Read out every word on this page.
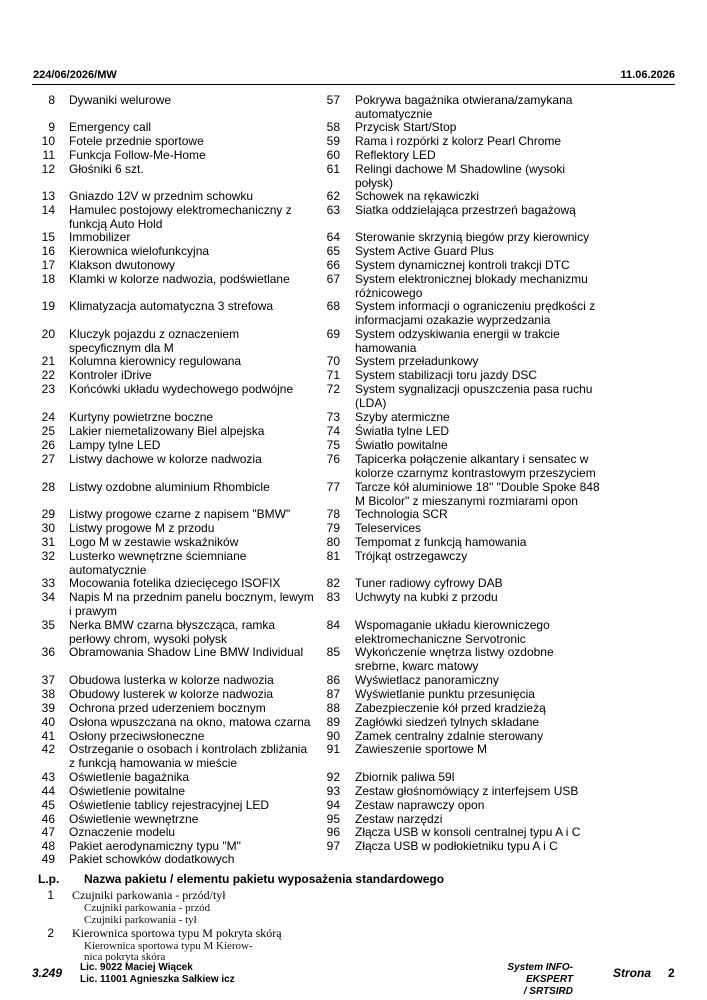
224/06/2026/MW	11.06.2026
8 Dywaniki welurowe
9 Emergency call
10 Fotele przednie sportowe
11 Funkcja Follow-Me-Home
12 Głośniki 6 szt.
13 Gniazdo 12V w przednim schowku
14 Hamulec postojowy elektromechaniczny z
funkcją Auto Hold
15 Immobilizer
16 Kierownica wielofunkcyjna
17 Klakson dwutonowy
18 Klamki w kolorze nadwozia, podświetlane
19 Klimatyzacja automatyczna 3 strefowa
20 Kluczyk pojazdu z oznaczeniem
specyficznym dla M
21 Kolumna kierownicy regulowana
22 Kontroler iDrive
23 Końcówki układu wydechowego podwójne
24 Kurtyny powietrzne boczne
25 Lakier niemetalizowany Biel alpejska
26 Lampy tylne LED
27 Listwy dachowe w kolorze nadwozia
28 Listwy ozdobne aluminium Rhombicle
29 Listwy progowe czarne z napisem "BMW"
30 Listwy progowe M z przodu
31 Logo M w zestawie wskaźników
32 Lusterko wewnętrzne ściemniane
automatycznie
33 Mocowania fotelika dziecięcego ISOFIX
34 Napis M na przednim panelu bocznym, lewym
i prawym
35 Nerka BMW czarna błyszcząca, ramka
perłowy chrom, wysoki połysk
36 Obramowania Shadow Line BMW Individual
37 Obudowa lusterka w kolorze nadwozia
38 Obudowy lusterek w kolorze nadwozia
39 Ochrona przed uderzeniem bocznym
40 Osłona wpuszczana na okno, matowa czarna
41 Osłony przeciwsłoneczne
42 Ostrzeganie o osobach i kontrolach zbliżania
z funkcją hamowania w mieście
43 Oświetlenie bagażnika
44 Oświetlenie powitalne
45 Oświetlenie tablicy rejestracyjnej LED
46 Oświetlenie wewnętrzne
47 Oznaczenie modelu
48 Pakiet aerodynamiczny typu "M"
49 Pakiet schowków dodatkowych
57 Pokrywa bagażnika otwierana/zamykana
automatycznie
58 Przycisk Start/Stop
59 Rama i rozpórki z kolorz Pearl Chrome
60 Reflektory LED
61 Relingi dachowe M Shadowline (wysoki
połysk)
62 Schowek na rękawiczki
63 Siatka oddzielająca przestrzeń bagażową
64 Sterowanie skrzynią biegów przy kierownicy
65 System Active Guard Plus
66 System dynamicznej kontroli trakcji DTC
67 System elektronicznej blokady mechanizmu
różnicowego
68 System informacji o ograniczeniu prędkości z
informacjami ozakazie wyprzedzania
69 System odzyskiwania energii w trakcie
hamowania
70 System przeładunkowy
71 System stabilizacji toru jazdy DSC
72 System sygnalizacji opuszczenia pasa ruchu
(LDA)
73 Szyby atermiczne
74 Światła tylne LED
75 Światło powitalne
76 Tapicerka połączenie alkantary i sensatec w
kolorze czarnymz kontrastowym przeszyciem
77 Tarcze kół aluminiowe 18" "Double Spoke 848
M Bicolor" z mieszanymi rozmiarami opon
78 Technologia SCR
79 Teleservices
80 Tempomat z funkcją hamowania
81 Trójkąt ostrzegawczy
82 Tuner radiowy cyfrowy DAB
83 Uchwyty na kubki z przodu
84 Wspomaganie układu kierowniczego
elektromechaniczne Servotronic
85 Wykończenie wnętrza listwy ozdobne
srebrne, kwarc matowy
86 Wyświetlacz panoramiczny
87 Wyświetlanie punktu przesunięcia
88 Zabezpieczenie kół przed kradzieżą
89 Zagłówki siedzeń tylnych składane
90 Zamek centralny zdalnie sterowany
91 Zawieszenie sportowe M
92 Zbiornik paliwa 59l
93 Zestaw głośnomówiący z interfejsem USB
94 Zestaw naprawczy opon
95 Zestaw narzędzi
96 Złącza USB w konsoli centralnej typu A i C
97 Złącza USB w podłokietniku typu A i C
L.p. Nazwa pakietu / elementu pakietu wyposażenia standardowego
1 Czujniki parkowania - przód/tył
Czujniki parkowania - przód
Czujniki parkowania - tył
2 Kierownica sportowa typu M pokryta skórą
Kierownica sportowa typu M Kierow-
nica pokryta skóra
3.249 Lic. 9022 Maciej Wiącek
Lic. 11001 Agnieszka Sałkiew icz
System INFO-EKSPERT
/ SRTSIRD
Strona 2
